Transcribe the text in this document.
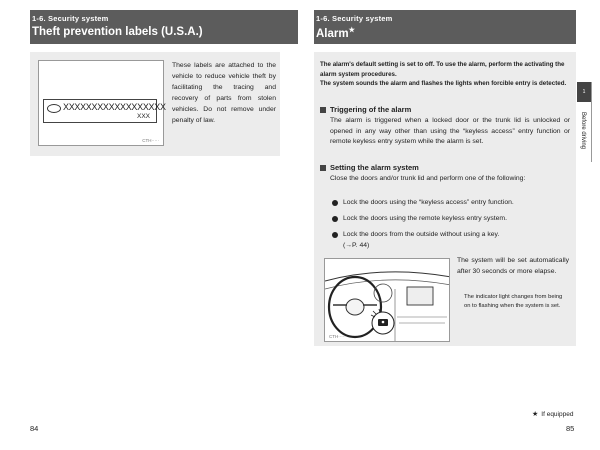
1-6. Security system
Theft prevention labels (U.S.A.)
XXXXXXXXXXXXXXXXXX
XXX
CTH·····
These labels are attached to the vehicle to reduce vehicle theft by facilitating the tracing and recovery of parts from stolen vehicles. Do not remove under penalty of law.
84
1-6. Security system
Alarm★
The alarm's default setting is set to off. To use the alarm, perform the activating the alarm system procedures.
The system sounds the alarm and flashes the lights when forcible entry is detected.
Triggering of the alarm
The alarm is triggered when a locked door or the trunk lid is unlocked or opened in any way other than using the “keyless access” entry function or remote keyless entry system while the alarm is set.
Setting the alarm system
Close the doors and/or trunk lid and perform one of the following:
Lock the doors using the “keyless access” entry function.
Lock the doors using the remote keyless entry system.
Lock the doors from the outside without using a key.
(→P. 44)
CTH·····
The system will be set automatically after 30 seconds or more elapse.
The indicator light changes from being on to flashing when the system is set.
1
Before driving
★ If equipped
85
